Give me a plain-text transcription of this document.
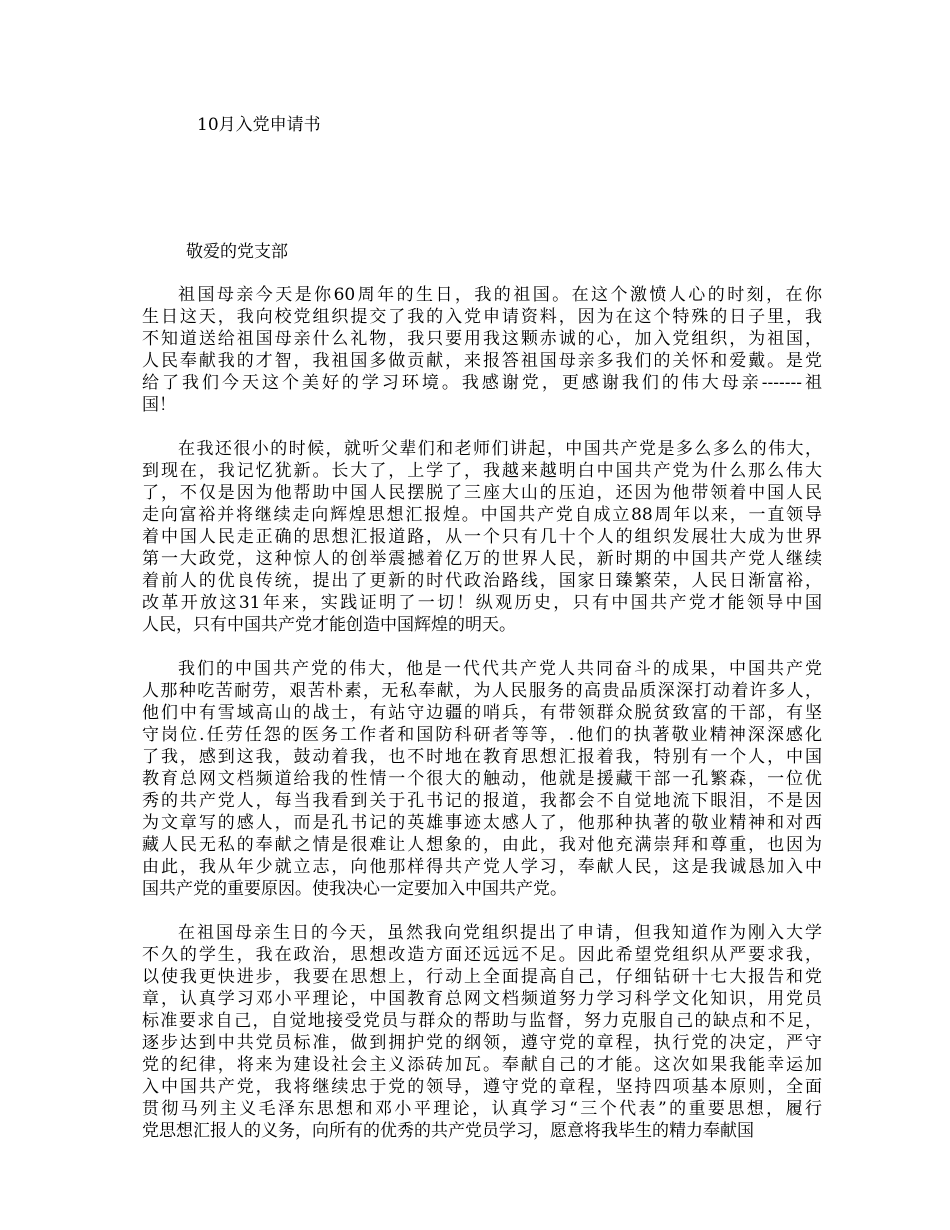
10月入党申请书
敬爱的党支部
祖国母亲今天是你60周年的生日，我的祖国。在这个激愤人心的时刻，在你
生日这天，我向校党组织提交了我的入党申请资料，因为在这个特殊的日子里，我
不知道送给祖国母亲什么礼物，我只要用我这颗赤诚的心，加入党组织，为祖国，
人民奉献我的才智，我祖国多做贡献，来报答祖国母亲多我们的关怀和爱戴。是党
给了我们今天这个美好的学习环境。我感谢党，更感谢我们的伟大母亲-------祖
国！
在我还很小的时候，就听父辈们和老师们讲起，中国共产党是多么多么的伟大，
到现在，我记忆犹新。长大了，上学了，我越来越明白中国共产党为什么那么伟大
了，不仅是因为他帮助中国人民摆脱了三座大山的压迫，还因为他带领着中国人民
走向富裕并将继续走向辉煌思想汇报煌。中国共产党自成立88周年以来，一直领导
着中国人民走正确的思想汇报道路，从一个只有几十个人的组织发展壮大成为世界
第一大政党，这种惊人的创举震撼着亿万的世界人民，新时期的中国共产党人继续
着前人的优良传统，提出了更新的时代政治路线，国家日臻繁荣，人民日渐富裕，
改革开放这31年来，实践证明了一切！纵观历史，只有中国共产党才能领导中国
人民，只有中国共产党才能创造中国辉煌的明天。
我们的中国共产党的伟大，他是一代代共产党人共同奋斗的成果，中国共产党
人那种吃苦耐劳，艰苦朴素，无私奉献，为人民服务的高贵品质深深打动着许多人，
他们中有雪域高山的战士，有站守边疆的哨兵，有带领群众脱贫致富的干部，有坚
守岗位.任劳任怨的医务工作者和国防科研者等等，.他们的执著敬业精神深深感化
了我，感到这我，鼓动着我，也不时地在教育思想汇报着我，特别有一个人，中国
教育总网文档频道给我的性情一个很大的触动，他就是援藏干部一孔繁森，一位优
秀的共产党人，每当我看到关于孔书记的报道，我都会不自觉地流下眼泪，不是因
为文章写的感人，而是孔书记的英雄事迹太感人了，他那种执著的敬业精神和对西
藏人民无私的奉献之情是很难让人想象的，由此，我对他充满崇拜和尊重，也因为
由此，我从年少就立志，向他那样得共产党人学习，奉献人民，这是我诚恳加入中
国共产党的重要原因。使我决心一定要加入中国共产党。
在祖国母亲生日的今天，虽然我向党组织提出了申请，但我知道作为刚入大学
不久的学生，我在政治，思想改造方面还远远不足。因此希望党组织从严要求我，
以使我更快进步，我要在思想上，行动上全面提高自己，仔细钻研十七大报告和党
章，认真学习邓小平理论，中国教育总网文档频道努力学习科学文化知识，用党员
标准要求自己，自觉地接受党员与群众的帮助与监督，努力克服自己的缺点和不足，
逐步达到中共党员标准，做到拥护党的纲领，遵守党的章程，执行党的决定，严守
党的纪律，将来为建设社会主义添砖加瓦。奉献自己的才能。这次如果我能幸运加
入中国共产党，我将继续忠于党的领导，遵守党的章程，坚持四项基本原则，全面
贯彻马列主义毛泽东思想和邓小平理论，认真学习“三个代表”的重要思想，履行
党思想汇报人的义务，向所有的优秀的共产党员学习，愿意将我毕生的精力奉献国
